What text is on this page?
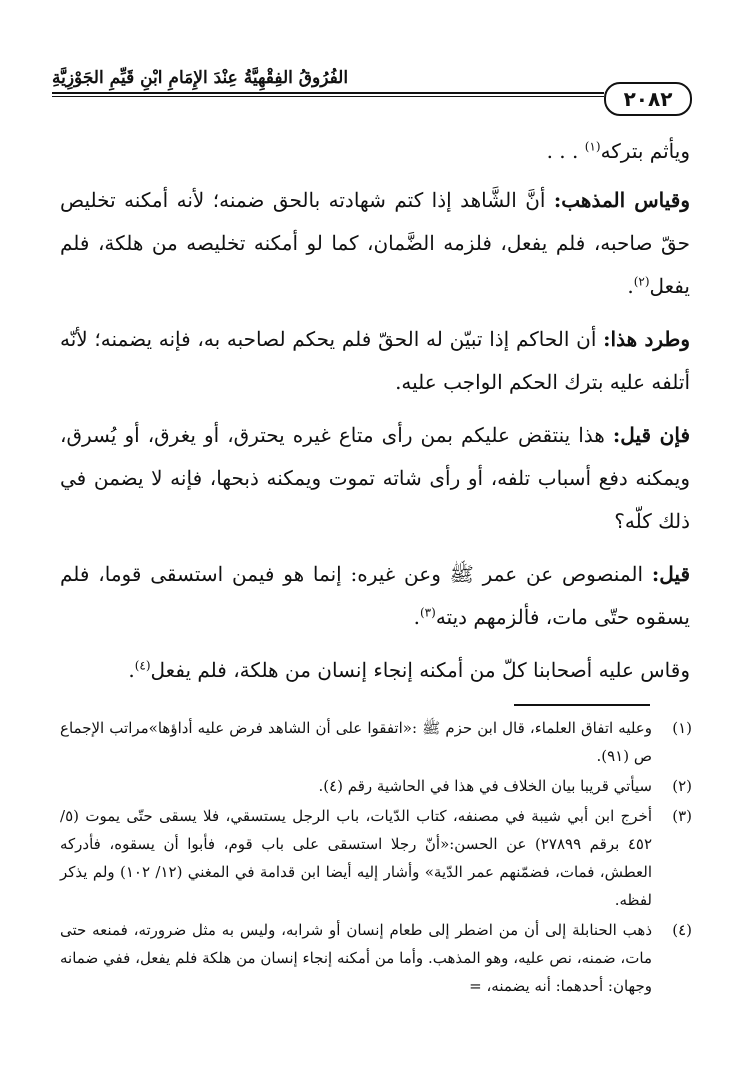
٢٠٨٢
الفُرُوقُ الفِقْهِيَّةُ عِنْدَ الإِمَامِ ابْنِ قَيِّمِ الجَوْزِيَّةِ

ويأثم بتركه$^{(١)}$ . . .

وقياس المذهب: أنَّ الشَّاهد إذا كتم شهادته بالحق ضمنه؛ لأنه أمكنه تخليص حقّ صاحبه، فلم يفعل، فلزمه الضَّمان، كما لو أمكنه تخليصه من هلكة، فلم يفعل$^{(٢)}$.

وطرد هذا: أن الحاكم إذا تبيّن له الحقّ فلم يحكم لصاحبه به، فإنه يضمنه؛ لأنّه أتلفه عليه بترك الحكم الواجب عليه.

فإن قيل: هذا ينتقض عليكم بمن رأى متاع غيره يحترق، أو يغرق، أو يُسرق، ويمكنه دفع أسباب تلفه، أو رأى شاته تموت ويمكنه ذبحها، فإنه لا يضمن في ذلك كلّه؟

قيل: المنصوص عن عمر ﷺ وعن غيره: إنما هو فيمن استسقى قوما، فلم يسقوه حتّى مات، فألزمهم ديته$^{(٣)}$.

وقاس عليه أصحابنا كلّ من أمكنه إنجاء إنسان من هلكة، فلم يفعل$^{(٤)}$.

(١)
وعليه اتفاق العلماء، قال ابن حزم ﷺ :«اتفقوا على أن الشاهد فرض عليه أداؤها»مراتب الإجماع ص (٩١).
(٢)
سيأتي قريبا بيان الخلاف في هذا في الحاشية رقم (٤).
(٣)
أخرج ابن أبي شيبة في مصنفه، كتاب الدّيات، باب الرجل يستسقي، فلا يسقى حتّى يموت (٥/ ٤٥٢ برقم ٢٧٨٩٩) عن الحسن:«أنّ رجلا استسقى على باب قوم، فأبوا أن يسقوه، فأدركه العطش، فمات، فضمّنهم عمر الدّية» وأشار إليه أيضا ابن قدامة في المغني (١٢/ ١٠٢) ولم يذكر لفظه.
(٤)
ذهب الحنابلة إلى أن من اضطر إلى طعام إنسان أو شرابه، وليس به مثل ضرورته، فمنعه حتى مات، ضمنه، نص عليه، وهو المذهب. وأما من أمكنه إنجاء إنسان من هلكة فلم يفعل، ففي ضمانه وجهان: أحدهما: أنه يضمنه، =
